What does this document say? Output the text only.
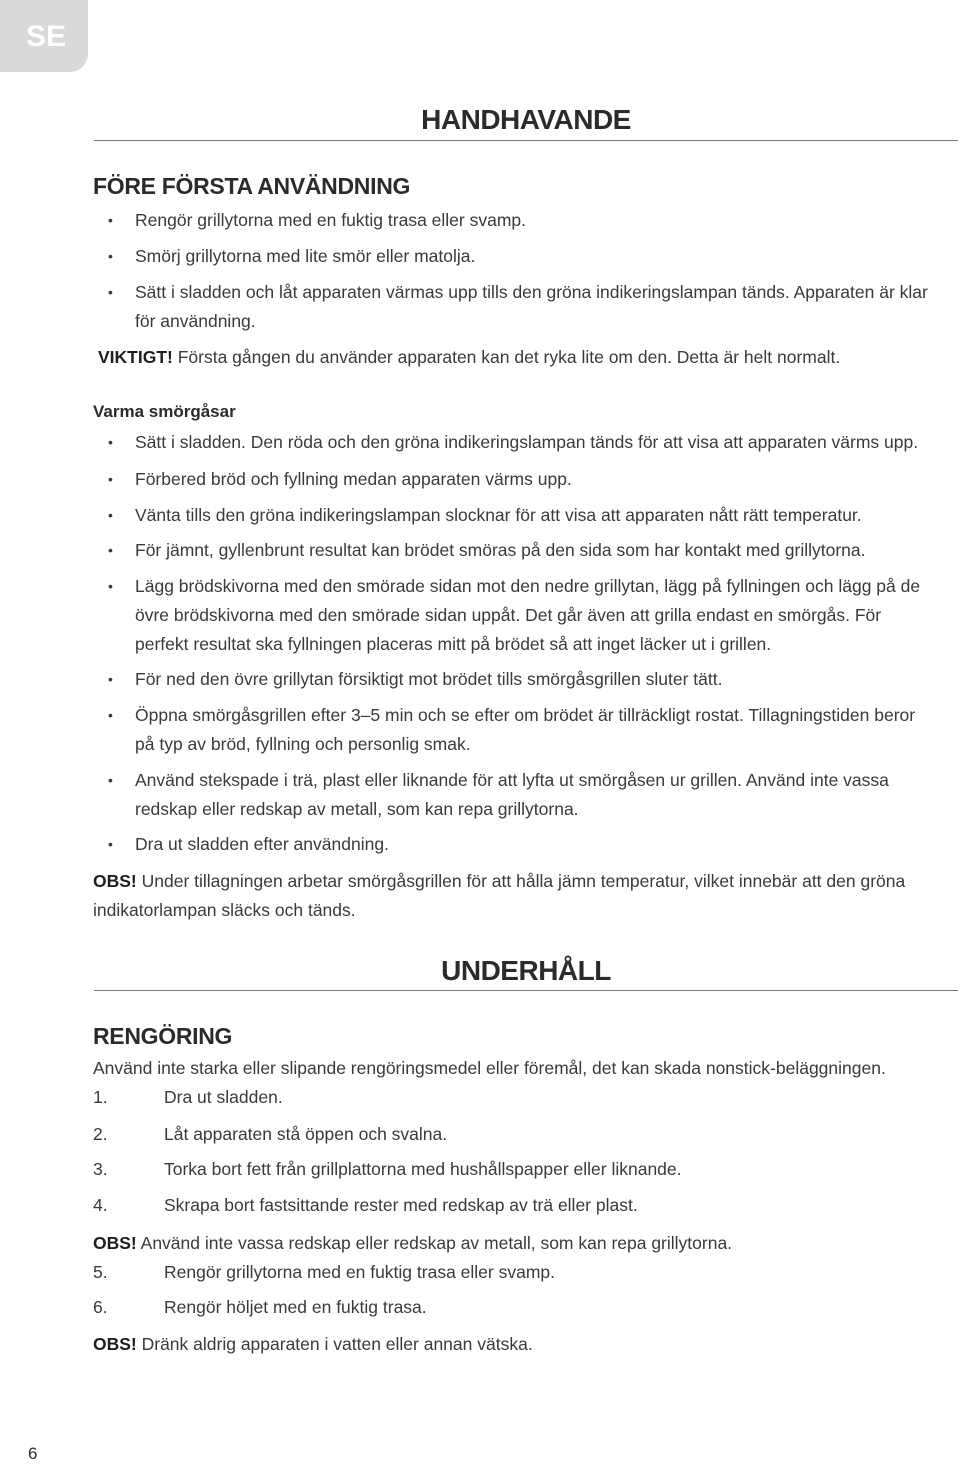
SE
HANDHAVANDE
FÖRE FÖRSTA ANVÄNDNING
• Rengör grillytorna med en fuktig trasa eller svamp.
• Smörj grillytorna med lite smör eller matolja.
• Sätt i sladden och låt apparaten värmas upp tills den gröna indikeringslampan tänds. Apparaten är klar för användning.
VIKTIGT! Första gången du använder apparaten kan det ryka lite om den. Detta är helt normalt.
Varma smörgåsar
• Sätt i sladden. Den röda och den gröna indikeringslampan tänds för att visa att apparaten värms upp.
• Förbered bröd och fyllning medan apparaten värms upp.
• Vänta tills den gröna indikeringslampan slocknar för att visa att apparaten nått rätt temperatur.
• För jämnt, gyllenbrunt resultat kan brödet smöras på den sida som har kontakt med grillytorna.
• Lägg brödskivorna med den smörade sidan mot den nedre grillytan, lägg på fyllningen och lägg på de övre brödskivorna med den smörade sidan uppåt. Det går även att grilla endast en smörgås. För perfekt resultat ska fyllningen placeras mitt på brödet så att inget läcker ut i grillen.
• För ned den övre grillytan försiktigt mot brödet tills smörgåsgrillen sluter tätt.
• Öppna smörgåsgrillen efter 3–5 min och se efter om brödet är tillräckligt rostat. Tillagningstiden beror på typ av bröd, fyllning och personlig smak.
• Använd stekspade i trä, plast eller liknande för att lyfta ut smörgåsen ur grillen. Använd inte vassa redskap eller redskap av metall, som kan repa grillytorna.
• Dra ut sladden efter användning.
OBS! Under tillagningen arbetar smörgåsgrillen för att hålla jämn temperatur, vilket innebär att den gröna indikatorlampan släcks och tänds.
UNDERHÅLL
RENGÖRING
Använd inte starka eller slipande rengöringsmedel eller föremål, det kan skada nonstick-beläggningen.
1.	Dra ut sladden.
2.	Låt apparaten stå öppen och svalna.
3.	Torka bort fett från grillplattorna med hushållspapper eller liknande.
4.	Skrapa bort fastsittande rester med redskap av trä eller plast.
OBS! Använd inte vassa redskap eller redskap av metall, som kan repa grillytorna.
5.	Rengör grillytorna med en fuktig trasa eller svamp.
6.	Rengör höljet med en fuktig trasa.
OBS! Dränk aldrig apparaten i vatten eller annan vätska.
6
